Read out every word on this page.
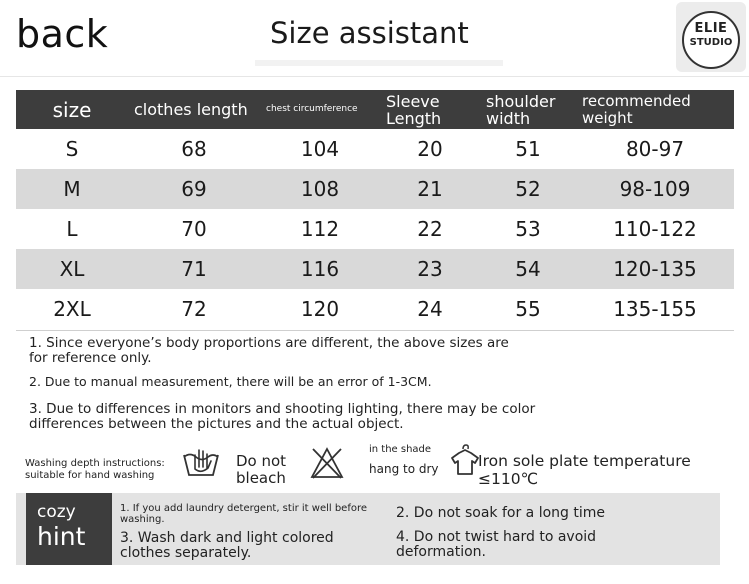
back	Size assistant	ELIE
STUDIO
size	clothes length	chest circumference	Sleeve Length	shoulder width	recommended weight
S	68	104	20	51	80-97
M	69	108	21	52	98-109
L	70	112	22	53	110-122
XL	71	116	23	54	120-135
2XL	72	120	24	55	135-155
1. Since everyone’s body proportions are different, the above sizes are for reference only.
2. Due to manual measurement, there will be an error of 1-3CM.
3. Due to differences in monitors and shooting lighting, there may be color differences between the pictures and the actual object.
Washing depth instructions:
suitable for hand washing
Do not
bleach
in the shade
hang to dry	Iron sole plate temperature
≤110℃
cozy
hint
1. If you add laundry detergent, stir it well before washing.	2. Do not soak for a long time
3. Wash dark and light colored clothes separately.
4. Do not twist hard to avoid deformation.
